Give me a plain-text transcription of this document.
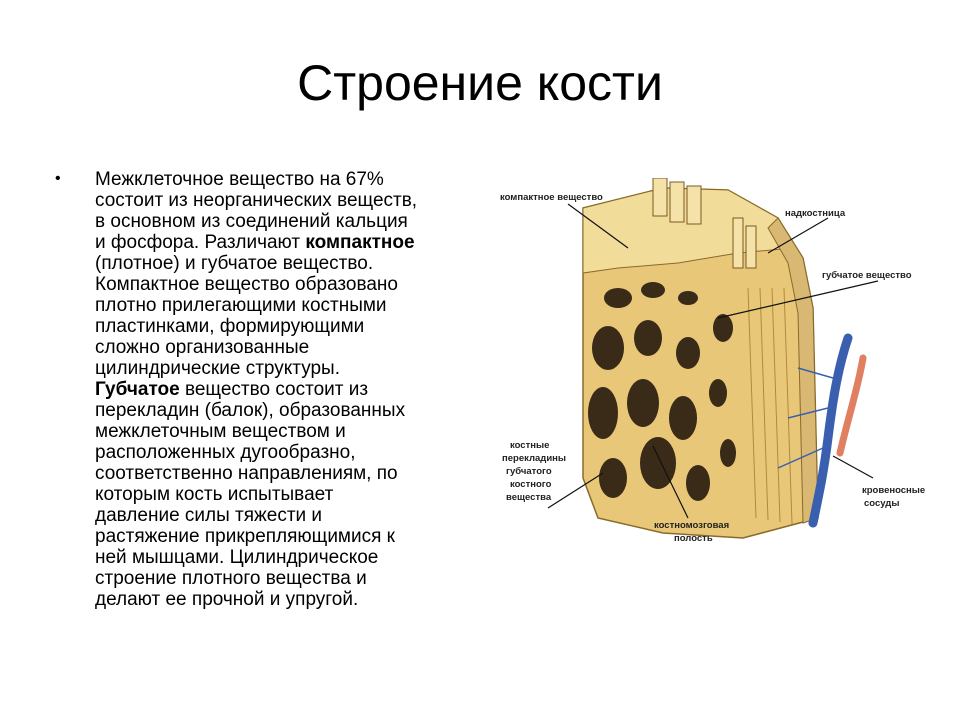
Строение кости
• Межклеточное вещество на 67%
состоит из неорганических веществ,
в основном из соединений кальция
и фосфора. Различают компактное
(плотное) и губчатое вещество.
Компактное вещество образовано
плотно прилегающими костными
пластинками, формирующими
сложно организованные
цилиндрические структуры.
Губчатое вещество состоит из
перекладин (балок), образованных
межклеточным веществом и
расположенных дугообразно,
соответственно направлениям, по
которым кость испытывает
давление силы тяжести и
растяжение прикрепляющимися к
ней мышцами. Цилиндрическое
строение плотного вещества и
делают ее прочной и упругой.
компактное вещество
надкостница
губчатое вещество
костные
перекладины
губчатого
костного
вещества
костномозговая
полость
кровеносные
сосуды
